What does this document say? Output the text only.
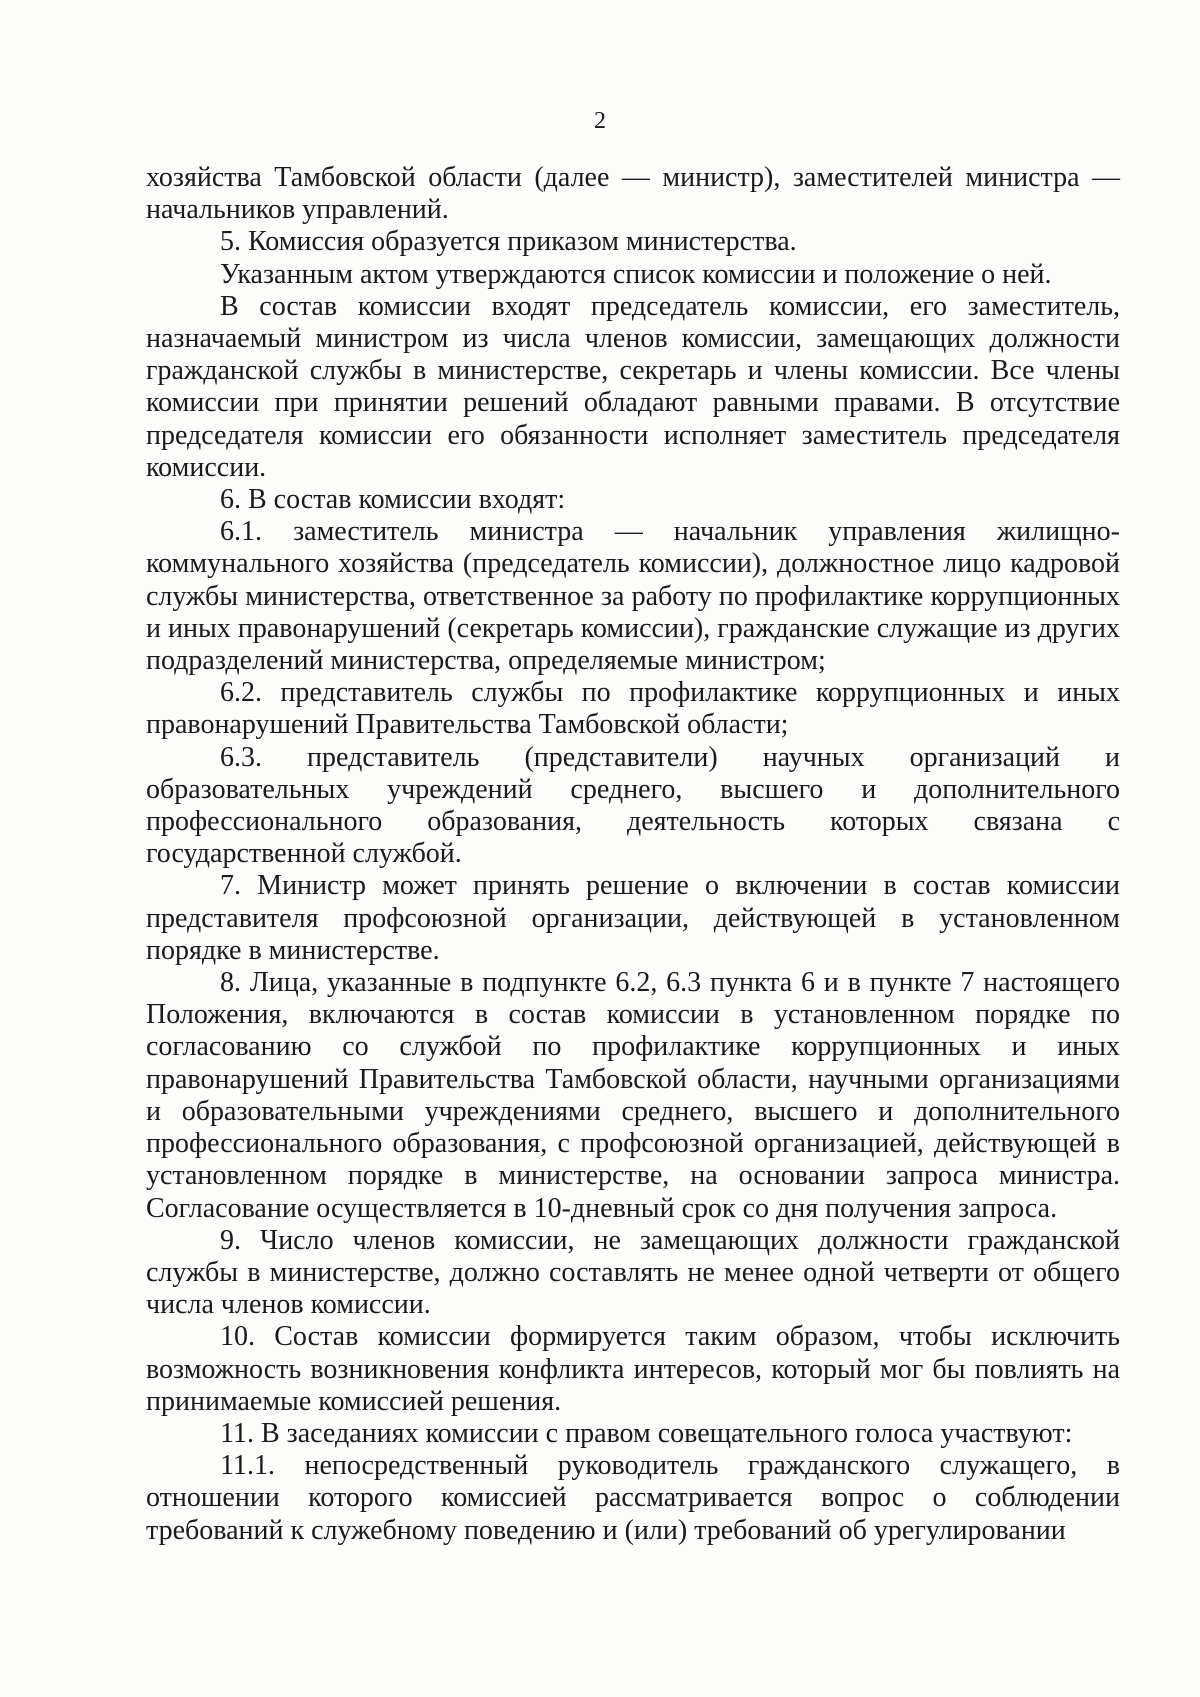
2

хозяйства Тамбовской области (далее — министр), заместителей министра — начальников управлений.

5. Комиссия образуется приказом министерства.

Указанным актом утверждаются список комиссии и положение о ней.

В состав комиссии входят председатель комиссии, его заместитель, назначаемый министром из числа членов комиссии, замещающих должности гражданской службы в министерстве, секретарь и члены комиссии. Все члены комиссии при принятии решений обладают равными правами. В отсутствие председателя комиссии его обязанности исполняет заместитель председателя комиссии.

6. В состав комиссии входят:

6.1. заместитель министра — начальник управления жилищно-коммунального хозяйства (председатель комиссии), должностное лицо кадровой службы министерства, ответственное за работу по профилактике коррупционных и иных правонарушений (секретарь комиссии), гражданские служащие из других подразделений министерства, определяемые министром;

6.2. представитель службы по профилактике коррупционных и иных правонарушений Правительства Тамбовской области;

6.3. представитель (представители) научных организаций и образовательных учреждений среднего, высшего и дополнительного профессионального образования, деятельность которых связана с государственной службой.

7. Министр может принять решение о включении в состав комиссии представителя профсоюзной организации, действующей в установленном порядке в министерстве.

8. Лица, указанные в подпункте 6.2, 6.3 пункта 6 и в пункте 7 настоящего Положения, включаются в состав комиссии в установленном порядке по согласованию со службой по профилактике коррупционных и иных правонарушений Правительства Тамбовской области, научными организациями и образовательными учреждениями среднего, высшего и дополнительного профессионального образования, с профсоюзной организацией, действующей в установленном порядке в министерстве, на основании запроса министра. Согласование осуществляется в 10-дневный срок со дня получения запроса.

9. Число членов комиссии, не замещающих должности гражданской службы в министерстве, должно составлять не менее одной четверти от общего числа членов комиссии.

10. Состав комиссии формируется таким образом, чтобы исключить возможность возникновения конфликта интересов, который мог бы повлиять на принимаемые комиссией решения.

11. В заседаниях комиссии с правом совещательного голоса участвуют:

11.1. непосредственный руководитель гражданского служащего, в отношении которого комиссией рассматривается вопрос о соблюдении требований к служебному поведению и (или) требований об урегулировании
